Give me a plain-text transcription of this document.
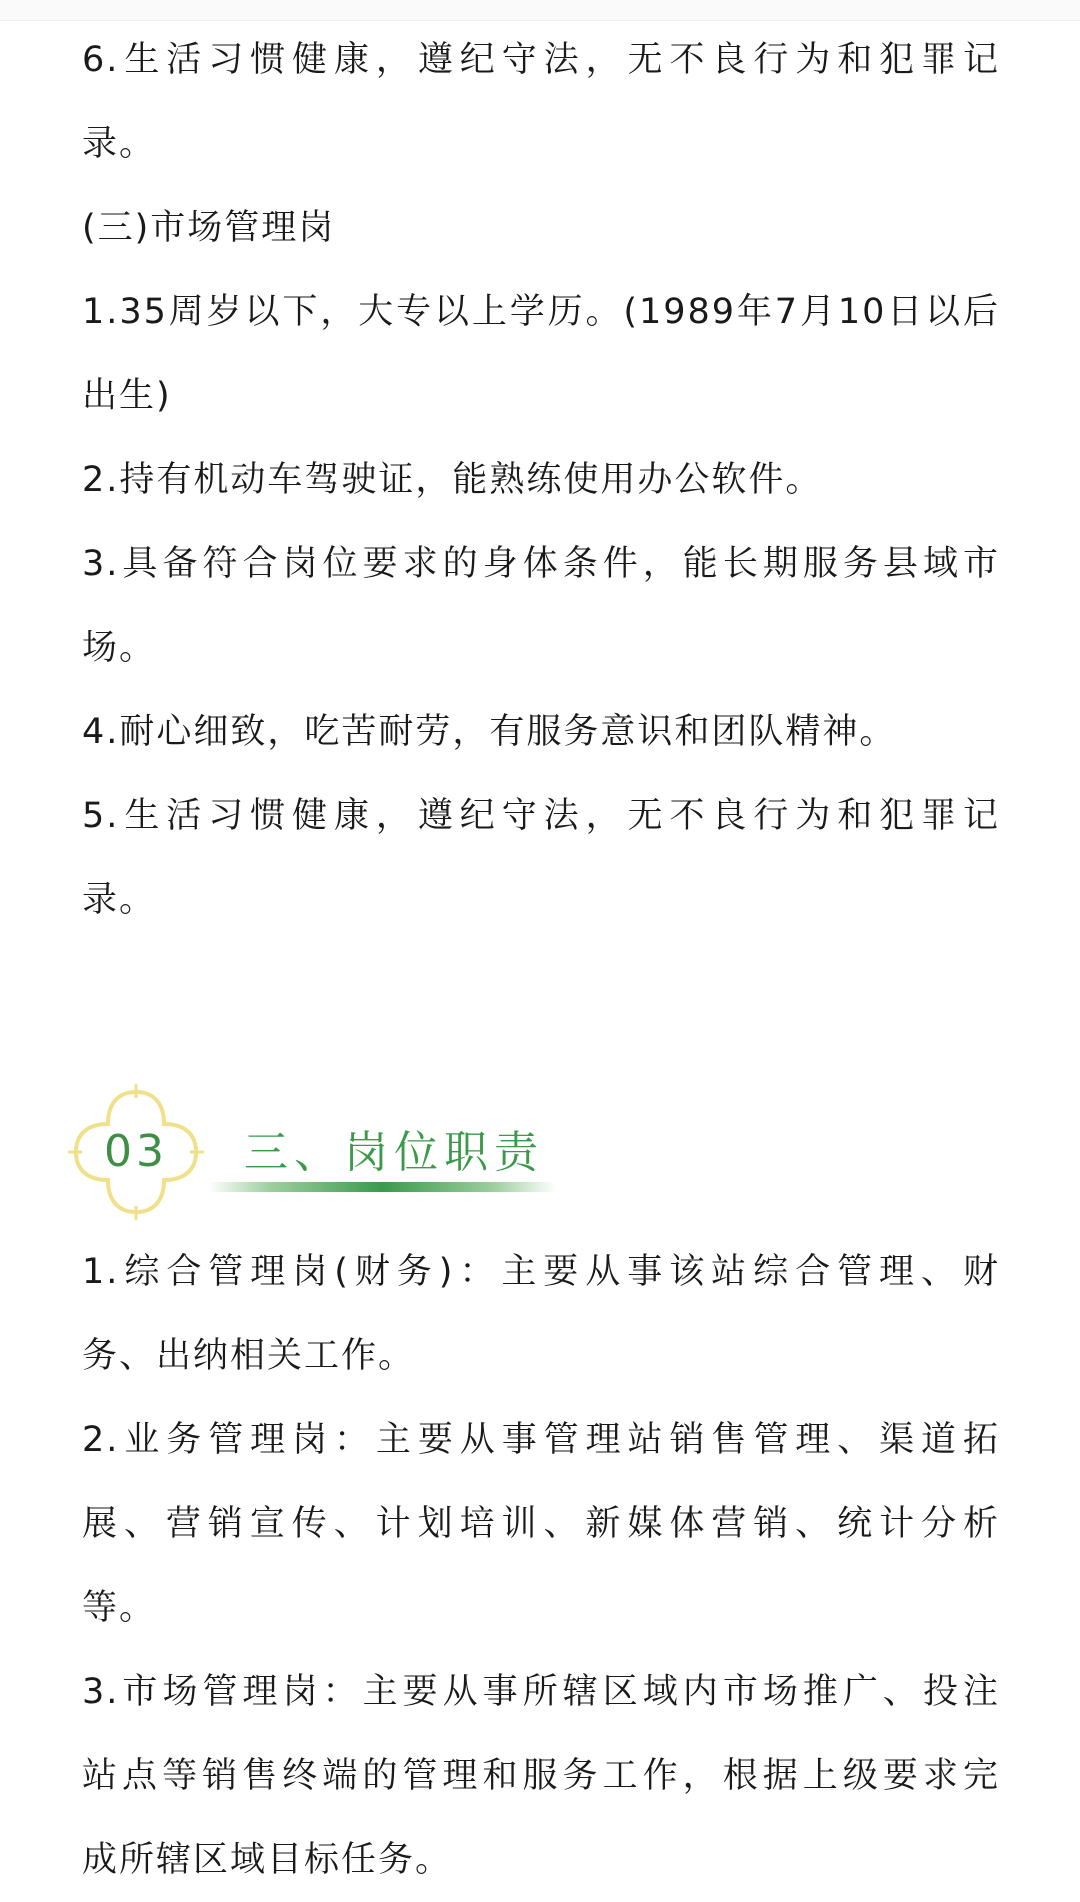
6.生活习惯健康，遵纪守法，无不良行为和犯罪记

录。

(三)市场管理岗

1.35周岁以下，大专以上学历。(1989年7月10日以后

出生)

2.持有机动车驾驶证，能熟练使用办公软件。

3.具备符合岗位要求的身体条件，能长期服务县域市

场。

4.耐心细致，吃苦耐劳，有服务意识和团队精神。

5.生活习惯健康，遵纪守法，无不良行为和犯罪记

录。

03	三、岗位职责

1.综合管理岗(财务)：主要从事该站综合管理、财

务、出纳相关工作。

2.业务管理岗：主要从事管理站销售管理、渠道拓

展、营销宣传、计划培训、新媒体营销、统计分析

等。

3.市场管理岗：主要从事所辖区域内市场推广、投注

站点等销售终端的管理和服务工作，根据上级要求完

成所辖区域目标任务。
